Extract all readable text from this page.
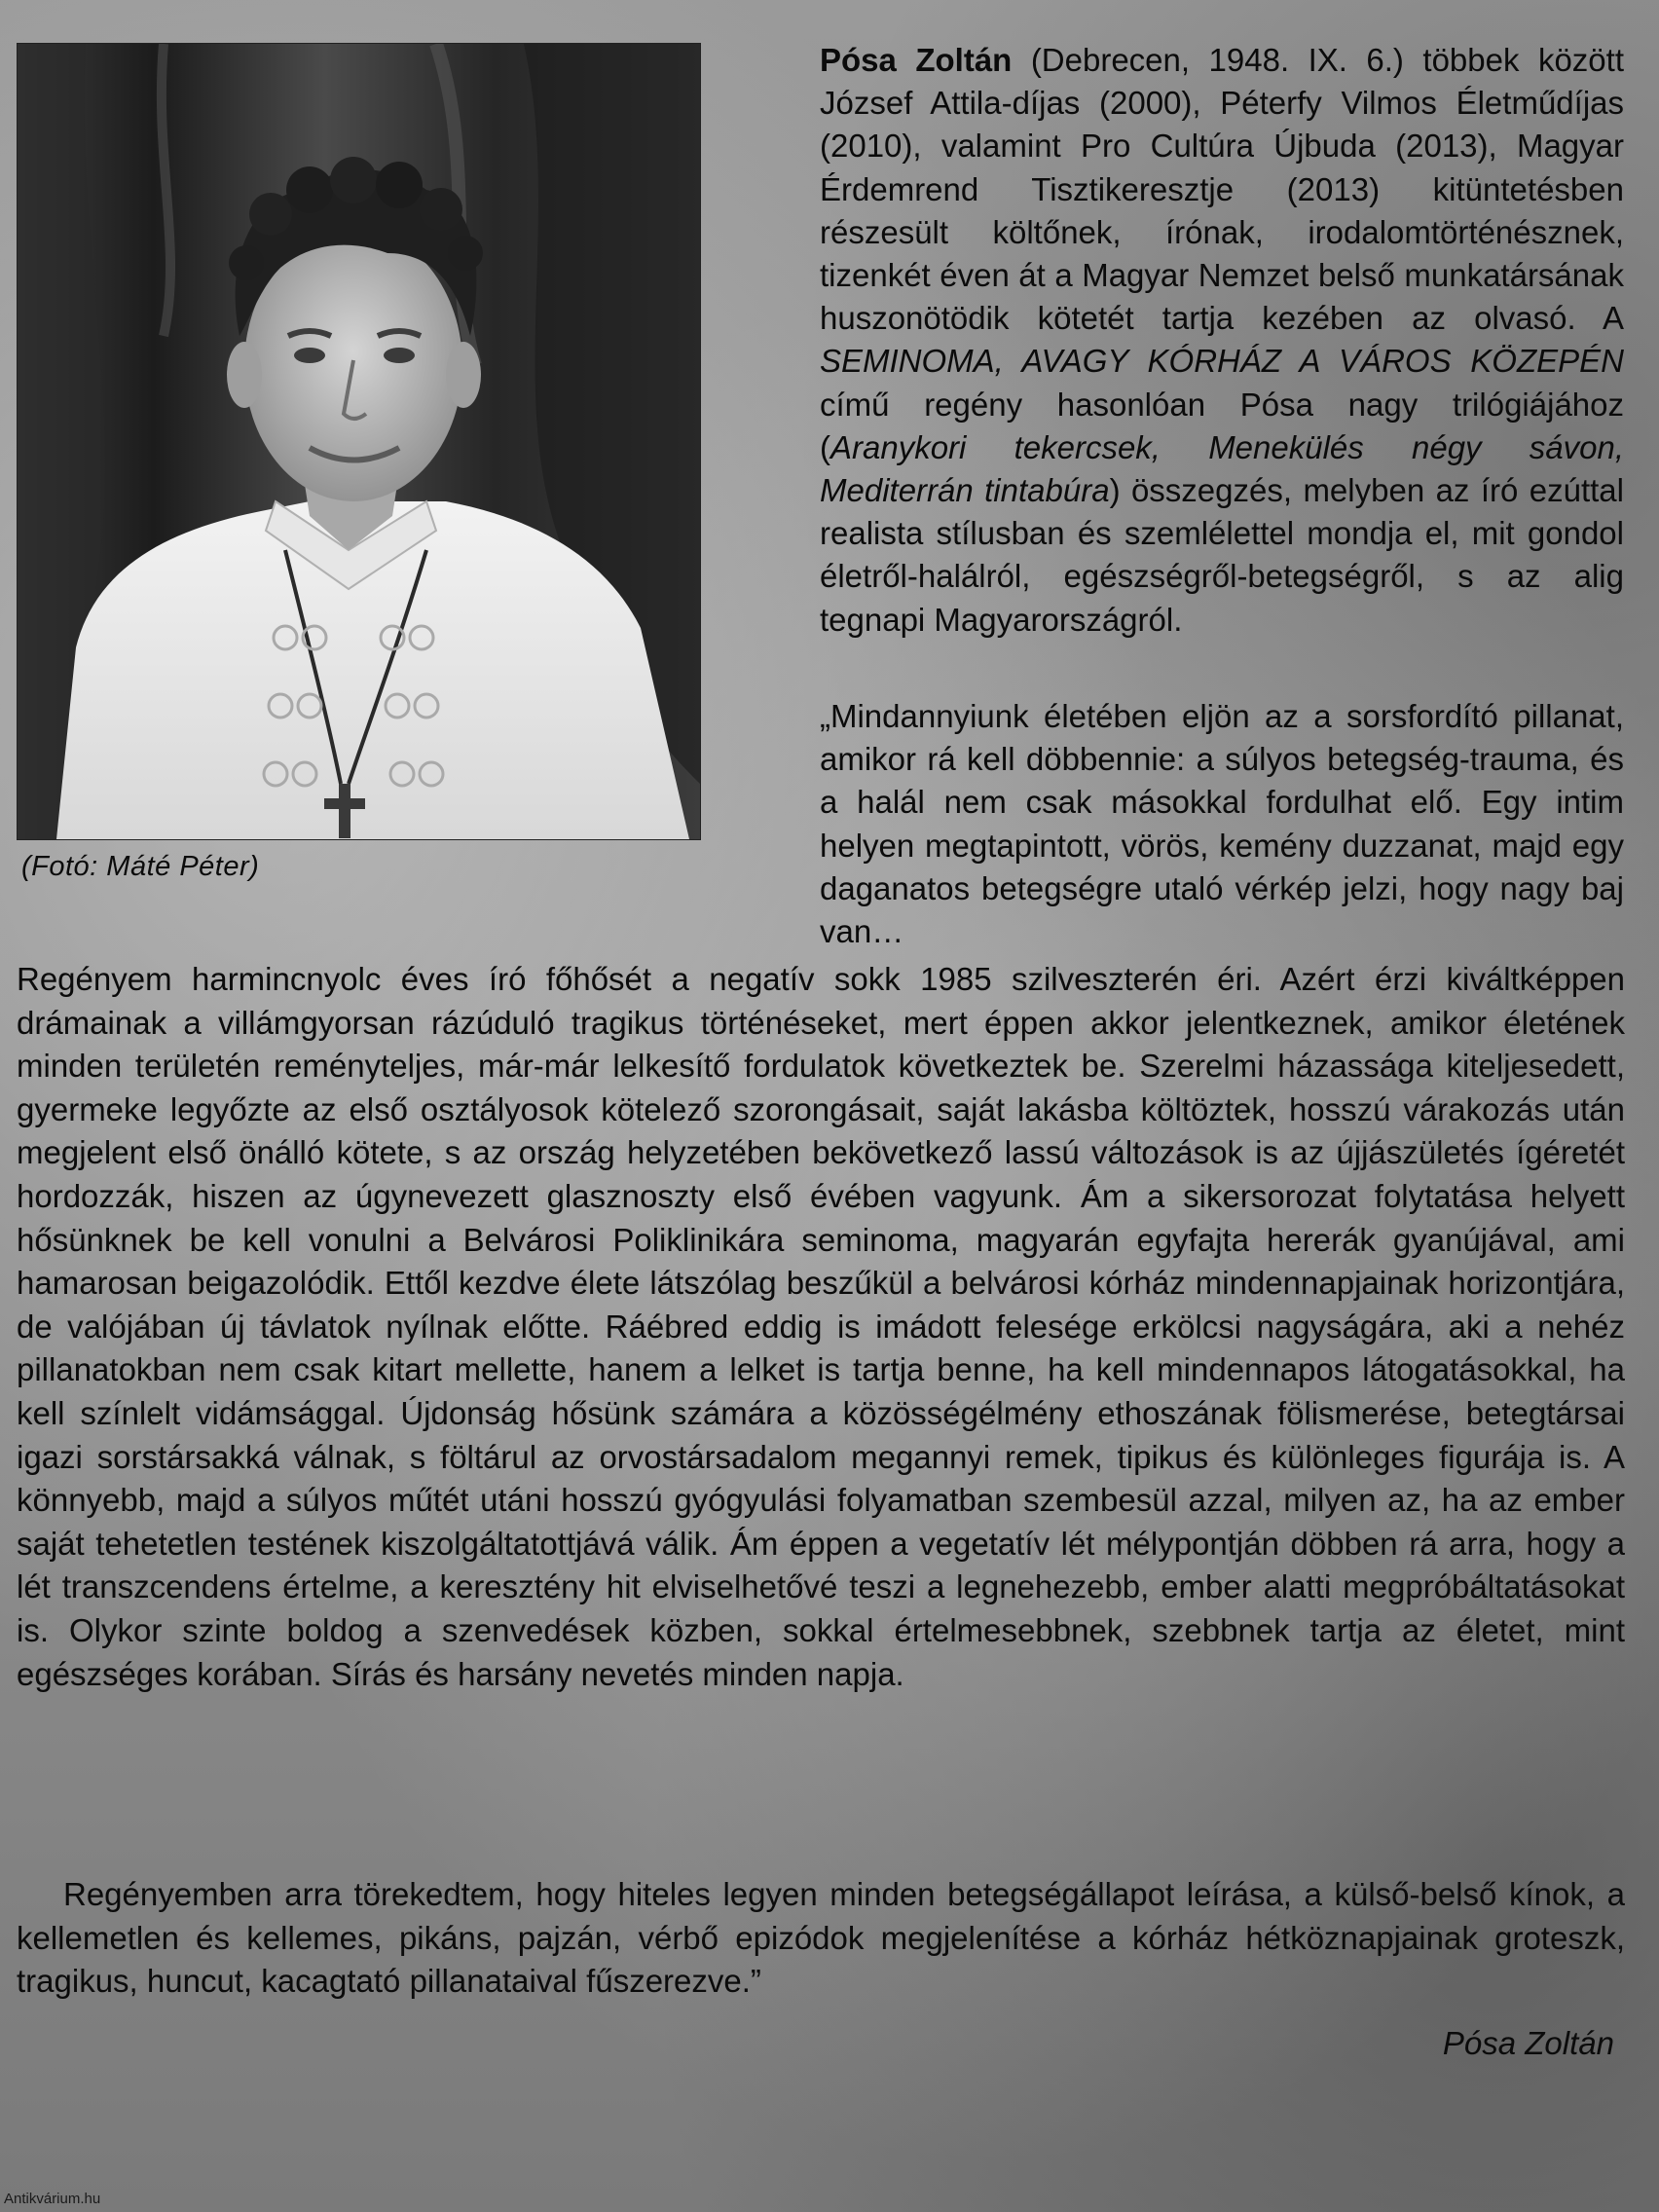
(Fotó: Máté Péter)

Pósa Zoltán (Debrecen, 1948. IX. 6.) többek között József Attila-díjas (2000), Péterfy Vilmos Életműdíjas (2010), valamint Pro Cultúra Újbuda (2013), Magyar Érdemrend Tisztikeresztje (2013) kitüntetésben részesült költőnek, írónak, irodalomtörténésznek, tizenkét éven át a Magyar Nemzet belső munkatársának huszonötödik kötetét tartja kezében az olvasó. A SEMINOMA, AVAGY KÓRHÁZ A VÁROS KÖZEPÉN című regény hasonlóan Pósa nagy trilógiájához (Aranykori tekercsek, Menekülés négy sávon, Mediterrán tintabúra) összegzés, melyben az író ezúttal realista stílusban és szemlélettel mondja el, mit gondol életről-halálról, egészségről-betegségről, s az alig tegnapi Magyarországról.

„Mindannyiunk életében eljön az a sorsfordító pillanat, amikor rá kell döbbennie: a súlyos betegség-trauma, és a halál nem csak másokkal fordulhat elő. Egy intim helyen megtapintott, vörös, kemény duzzanat, majd egy daganatos betegségre utaló vérkép jelzi, hogy nagy baj van…

Regényem harmincnyolc éves író főhősét a negatív sokk 1985 szilveszterén éri. Azért érzi kiváltképpen drámainak a villámgyorsan rázúduló tragikus történéseket, mert éppen akkor jelentkeznek, amikor életének minden területén reményteljes, már-már lelkesítő fordulatok következtek be. Szerelmi házassága kiteljesedett, gyermeke legyőzte az első osztályosok kötelező szorongásait, saját lakásba költöztek, hosszú várakozás után megjelent első önálló kötete, s az ország helyzetében bekövetkező lassú változások is az újjászületés ígéretét hordozzák, hiszen az úgynevezett glasznoszty első évében vagyunk. Ám a sikersorozat folytatása helyett hősünknek be kell vonulni a Belvárosi Poliklinikára seminoma, magyarán egyfajta hererák gyanújával, ami hamarosan beigazolódik. Ettől kezdve élete látszólag beszűkül a belvárosi kórház mindennapjainak horizontjára, de valójában új távlatok nyílnak előtte. Ráébred eddig is imádott felesége erkölcsi nagyságára, aki a nehéz pillanatokban nem csak kitart mellette, hanem a lelket is tartja benne, ha kell mindennapos látogatásokkal, ha kell színlelt vidámsággal. Újdonság hősünk számára a közösségélmény ethoszának fölismerése, betegtársai igazi sorstársakká válnak, s föltárul az orvostársadalom megannyi remek, tipikus és különleges figurája is. A könnyebb, majd a súlyos műtét utáni hosszú gyógyulási folyamatban szembesül azzal, milyen az, ha az ember saját tehetetlen testének kiszolgáltatottjává válik. Ám éppen a vegetatív lét mélypontján döbben rá arra, hogy a lét transzcendens értelme, a keresztény hit elviselhetővé teszi a legnehezebb, ember alatti megpróbáltatásokat is. Olykor szinte boldog a szenvedések közben, sokkal értelmesebbnek, szebbnek tartja az életet, mint egészséges korában. Sírás és harsány nevetés minden napja.

Regényemben arra törekedtem, hogy hiteles legyen minden betegségállapot leírása, a külső-belső kínok, a kellemetlen és kellemes, pikáns, pajzán, vérbő epizódok megjelenítése a kórház hétköznapjainak groteszk, tragikus, huncut, kacagtató pillanataival fűszerezve.”

Pósa Zoltán
Antikvárium.hu
